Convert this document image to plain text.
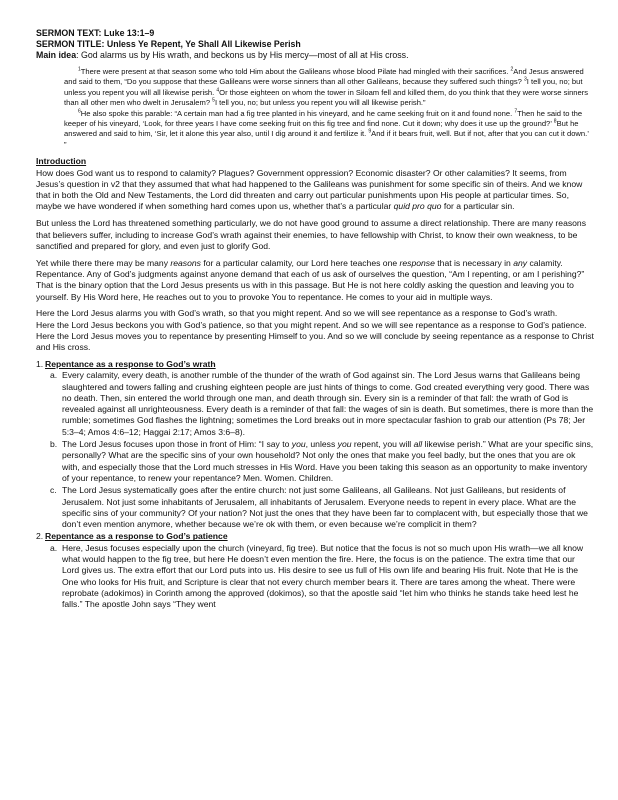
SERMON TEXT: Luke 13:1–9
SERMON TITLE: Unless Ye Repent, Ye Shall All Likewise Perish
Main idea: God alarms us by His wrath, and beckons us by His mercy—most of all at His cross.

$^1$There were present at that season some who told Him about the Galileans whose blood Pilate had mingled with their sacrifices. $^2$And Jesus answered and said to them, “Do you suppose that these Galileans were worse sinners than all other Galileans, because they suffered such things? $^3$I tell you, no; but unless you repent you will all likewise perish. $^4$Or those eighteen on whom the tower in Siloam fell and killed them, do you think that they were worse sinners than all other men who dwelt in Jerusalem? $^5$I tell you, no; but unless you repent you will all likewise perish.”

$^6$He also spoke this parable: “A certain man had a fig tree planted in his vineyard, and he came seeking fruit on it and found none. $^7$Then he said to the keeper of his vineyard, ‘Look, for three years I have come seeking fruit on this fig tree and find none. Cut it down; why does it use up the ground?’ $^8$But he answered and said to him, ‘Sir, let it alone this year also, until I dig around it and fertilize it. $^9$And if it bears fruit, well. But if not, after that you can cut it down.’ ”

Introduction

How does God want us to respond to calamity? Plagues? Government oppression? Economic disaster? Or other calamities? It seems, from Jesus’s question in v2 that they assumed that what had happened to the Galileans was punishment for some specific sin of theirs. And we know that in both the Old and New Testaments, the Lord did threaten and carry out particular punishments upon His people at particular times. So, maybe we have wondered if when something hard comes upon us, whether that’s a particular quid pro quo for a particular sin.

But unless the Lord has threatened something particularly, we do not have good ground to assume a direct relationship. There are many reasons that believers suffer, including to increase God’s wrath against their enemies, to have fellowship with Christ, to know their own weakness, to be sanctified and prepared for glory, and even just to glorify God.

Yet while there there may be many reasons for a particular calamity, our Lord here teaches one response that is necessary in any calamity. Repentance. Any of God’s judgments against anyone demand that each of us ask of ourselves the question, “Am I repenting, or am I perishing?” That is the binary option that the Lord Jesus presents us with in this passage. But He is not here coldly asking the question and leaving you to yourself. By His Word here, He reaches out to you to provoke You to repentance. He comes to your aid in multiple ways.

Here the Lord Jesus alarms you with God’s wrath, so that you might repent. And so we will see repentance as a response to God’s wrath.

Here the Lord Jesus beckons you with God’s patience, so that you might repent. And so we will see repentance as a response to God’s patience.

Here the Lord Jesus moves you to repentance by presenting Himself to you. And so we will conclude by seeing repentance as a response to Christ and His cross.

1. Repentance as a response to God’s wrath
a. Every calamity, every death, is another rumble of the thunder of the wrath of God against sin. The Lord Jesus warns that Galileans being slaughtered and towers falling and crushing eighteen people are just hints of things to come. God created everything very good. There was no death. Then, sin entered the world through one man, and death through sin. Every sin is a reminder of that fall: the wrath of God is revealed against all unrighteousness. Every death is a reminder of that fall: the wages of sin is death. But sometimes, there is more than the rumble; sometimes God flashes the lightning; sometimes the Lord breaks out in more spectacular fashion to grab our attention (Ps 78; Jer 5:3–4; Amos 4:6–12; Haggai 2:17; Amos 3:6–8).
b. The Lord Jesus focuses upon those in front of Him: “I say to you, unless you repent, you will all likewise perish.” What are your specific sins, personally? What are the specific sins of your own household? Not only the ones that make you feel badly, but the ones that you are ok with, and especially those that the Lord much stresses in His Word. Have you been taking this season as an opportunity to make inventory of your repentance, to renew your repentance? Men. Women. Children.
c. The Lord Jesus systematically goes after the entire church: not just some Galileans, all Galileans. Not just Galileans, but residents of Jerusalem. Not just some inhabitants of Jerusalem, all inhabitants of Jerusalem. Everyone needs to repent in every place. What are the specific sins of your community? Of your nation? Not just the ones that they have been far to complacent with, but especially those that we don’t even mention anymore, whether because we’re ok with them, or even because we’re complicit in them?
2. Repentance as a response to God’s patience
a. Here, Jesus focuses especially upon the church (vineyard, fig tree). But notice that the focus is not so much upon His wrath—we all know what would happen to the fig tree, but here He doesn’t even mention the fire. Here, the focus is on the patience. The extra time that our Lord gives us. The extra effort that our Lord puts into us. His desire to see us full of His own life and bearing His fruit. Note that He is the One who looks for His fruit, and Scripture is clear that not every church member bears it. There are tares among the wheat. There were reprobate (adokimos) in Corinth among the approved (dokimos), so that the apostle said “let him who thinks he stands take heed lest he falls.” The apostle John says “They went
